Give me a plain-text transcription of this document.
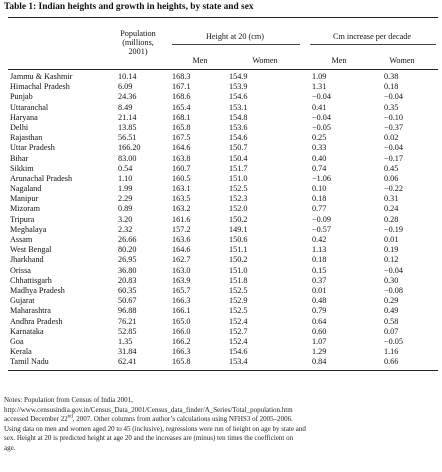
Table 1: Indian heights and growth in heights, by state and sex
Population
(millions,
2001)
Height at 20 (cm)	Cm increase per decade
Men	Women	Men	Women
Jammu & Kashmir	10.14	168.3	154.9	1.09	0.38
Himachal Pradesh	6.09	167.1	153.9	1.31	0.18
Punjab	24.36	168.6	154.6	−0.04	−0.04
Uttaranchal	8.49	165.4	153.1	0.41	0.35
Haryana	21.14	168.1	154.8	−0.04	−0.10
Delhi	13.85	165.8	153.6	−0.05	−0.37
Rajasthan	56.51	167.5	154.6	0.25	0.02
Uttar Pradesh	166.20	164.6	150.7	0.33	−0.04
Bihar	83.00	163.8	150.4	0.40	−0.17
Sikkim	0.54	160.7	151.7	0.74	0.45
Arunachal Pradesh	1.10	160.5	151.0	−1.06	0.06
Nagaland	1.99	163.1	152.5	0.10	−0.22
Manipur	2.29	163.5	152.3	0.18	0.31
Mizoram	0.89	163.2	152.0	0.77	0.24
Tripura	3.20	161.6	150.2	−0.09	0.28
Meghalaya	2.32	157.2	149.1	−0.57	−0.19
Assam	26.66	163.6	150.6	0.42	0.01
West Bengal	80.20	164.6	151.1	1.13	0.19
Jharkhand	26.95	162.7	150.2	0.18	0.12
Orissa	36.80	163.0	151.0	0.15	−0.04
Chhattisgarh	20.83	163.9	151.8	0.37	0.30
Madhya Pradesh	60.35	165.7	152.5	0.01	−0.08
Gujarat	50.67	166.3	152.9	0.48	0.29
Maharashtra	96.88	166.1	152.5	0.79	0.49
Andhra Pradesh	76.21	165.0	152.4	0.64	0.58
Karnataka	52.85	166.0	152.7	0.60	0.07
Goa	1.35	166.2	152.4	1.07	−0.05
Kerala	31.84	166.3	154.6	1.29	1.16
Tamil Nadu	62.41	165.8	153.4	0.84	0.66

Notes: Population from Census of India 2001,

http://www.censusindia.gov.in/Census_Data_2001/Census_data_finder/A_Series/Total_population.htm

accessed December 22nd, 2007. Other columns from author’s calculations using NFHS3 of 2005–2006.

Using data on men and women aged 20 to 45 (inclusive), regressions were run of height on age by state and

sex. Height at 20 is predicted height at age 20 and the increases are (minus) ten times the coefficient on

age.
